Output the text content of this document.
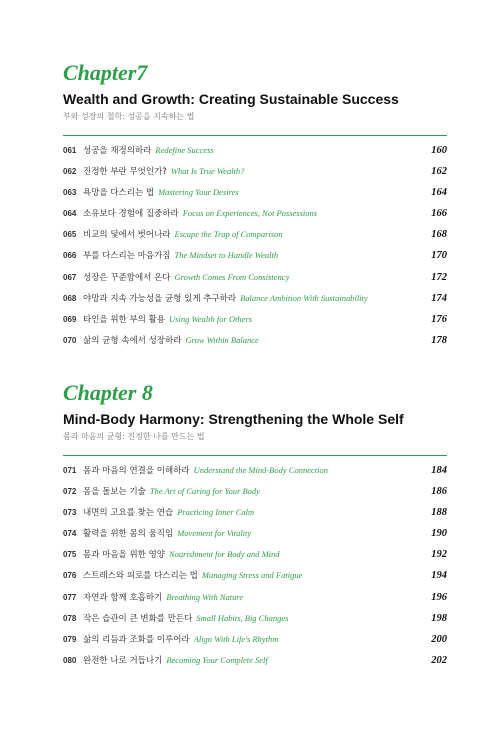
Chapter7
Wealth and Growth: Creating Sustainable Success
부와 성장의 철학: 성공을 지속하는 법
061 성공을 재정의하라 Redefine Success	160
062 진정한 부란 무엇인가? What Is True Wealth?	162
063 욕망을 다스리는 법 Mastering Your Desires	164
064 소유보다 경험에 집중하라 Focus on Experiences, Not Possessions	166
065 비교의 덫에서 벗어나라 Escape the Trap of Comparison	168
066 부를 다스리는 마음가짐 The Mindset to Handle Wealth	170
067 성장은 꾸준함에서 온다 Growth Comes From Consistency	172
068 야망과 지속 가능성을 균형 있게 추구하라 Balance Ambition With Sustainability	174
069 타인을 위한 부의 활용 Using Wealth for Others	176
070 삶의 균형 속에서 성장하라 Grow Within Balance	178
Chapter 8
Mind-Body Harmony: Strengthening the Whole Self
몸과 마음의 균형: 진정한 나를 만드는 법
071 몸과 마음의 연결을 이해하라 Understand the Mind-Body Connection	184
072 몸을 돌보는 기술 The Art of Caring for Your Body	186
073 내면의 고요를 찾는 연습 Practicing Inner Calm	188
074 활력을 위한 몸의 움직임 Movement for Vitality	190
075 몸과 마음을 위한 영양 Nourishment for Body and Mind	192
076 스트레스와 피로를 다스리는 법 Managing Stress and Fatigue	194
077 자연과 함께 호흡하기 Breathing With Nature	196
078 작은 습관이 큰 변화를 만든다 Small Habits, Big Changes	198
079 삶의 리듬과 조화를 이루어라 Align With Life's Rhythm	200
080 완전한 나로 거듭나기 Becoming Your Complete Self	202
